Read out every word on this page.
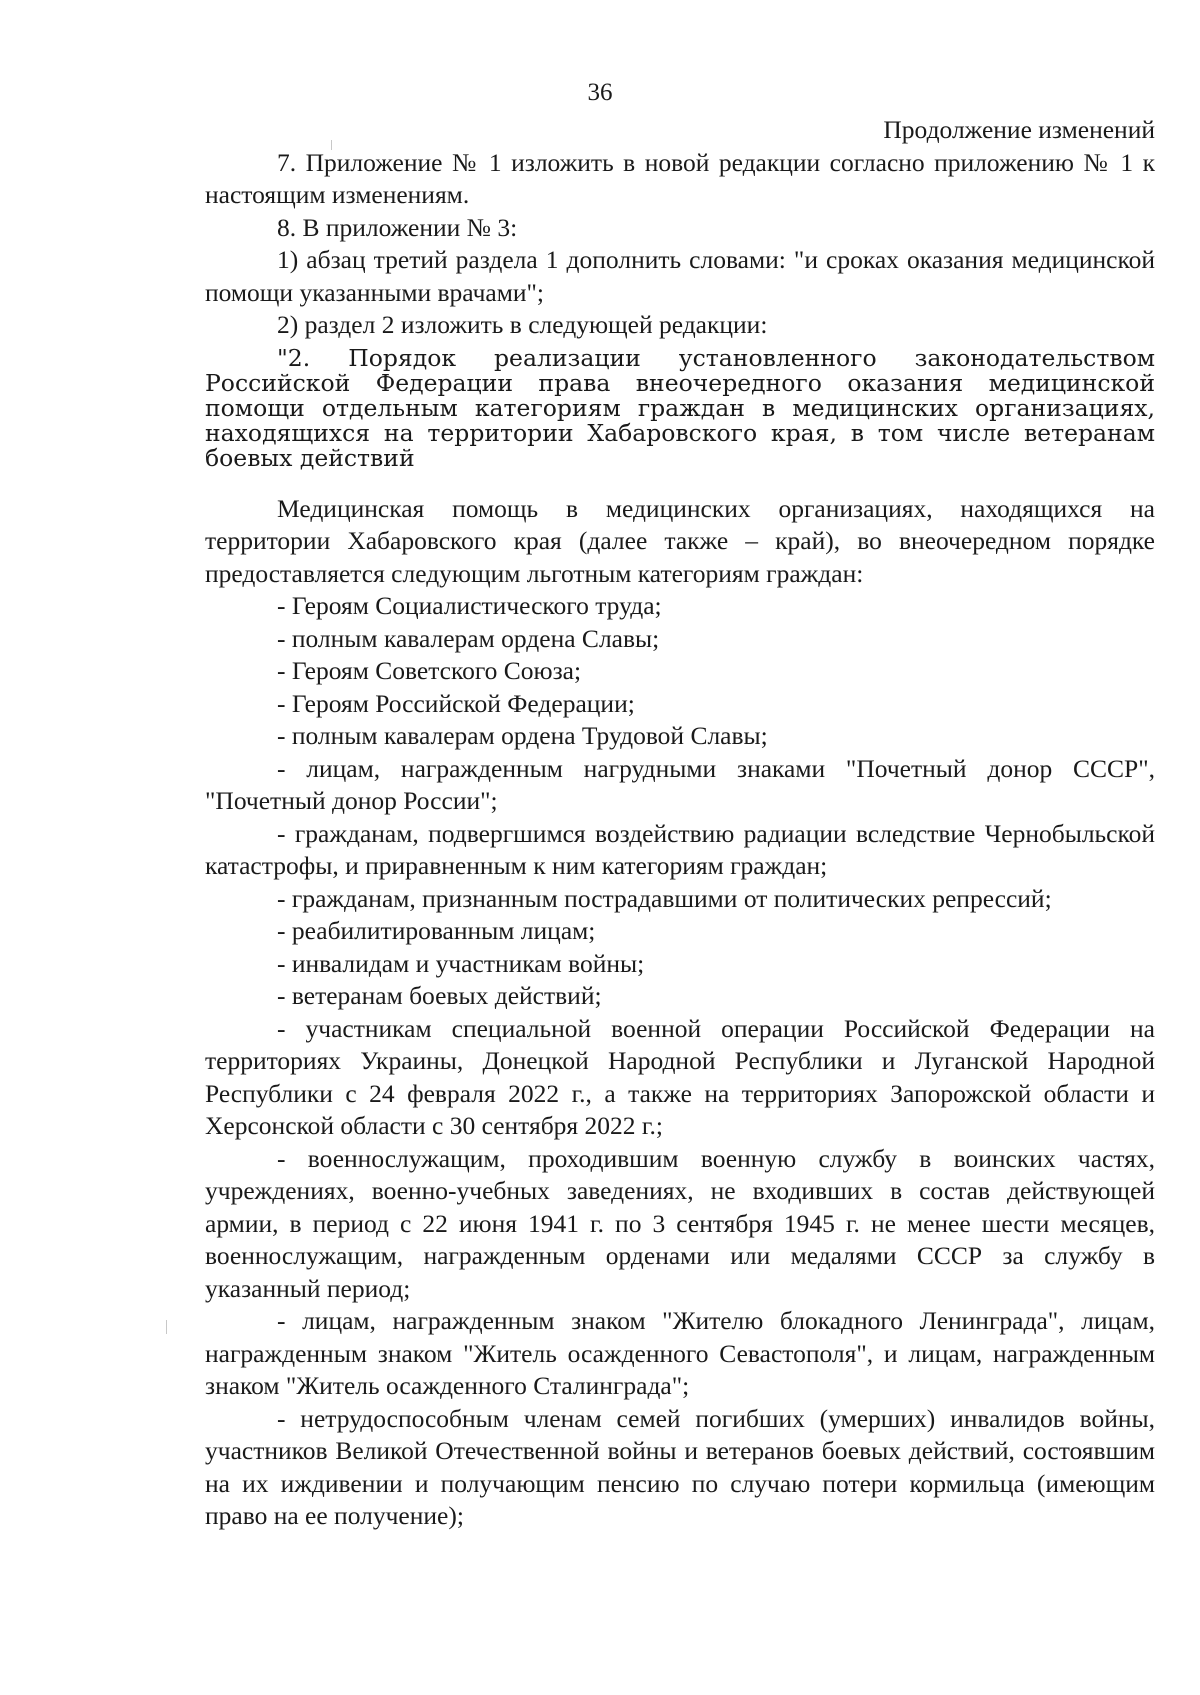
36

Продолжение изменений

7. Приложение № 1 изложить в новой редакции согласно приложению № 1 к настоящим изменениям.

8. В приложении № 3:

1) абзац третий раздела 1 дополнить словами: "и сроках оказания медицинской помощи указанными врачами";

2) раздел 2 изложить в следующей редакции:

"2. Порядок реализации установленного законодательством Российской Федерации права внеочередного оказания медицинской помощи отдельным категориям граждан в медицинских организациях, находящихся на территории Хабаровского края, в том числе ветеранам боевых действий

Медицинская помощь в медицинских организациях, находящихся на территории Хабаровского края (далее также – край), во внеочередном порядке предоставляется следующим льготным категориям граждан:

- Героям Социалистического труда;

- полным кавалерам ордена Славы;

- Героям Советского Союза;

- Героям Российской Федерации;

- полным кавалерам ордена Трудовой Славы;

- лицам, награжденным нагрудными знаками "Почетный донор СССР", "Почетный донор России";

- гражданам, подвергшимся воздействию радиации вследствие Чернобыльской катастрофы, и приравненным к ним категориям граждан;

- гражданам, признанным пострадавшими от политических репрессий;

- реабилитированным лицам;

- инвалидам и участникам войны;

- ветеранам боевых действий;

- участникам специальной военной операции Российской Федерации на территориях Украины, Донецкой Народной Республики и Луганской Народной Республики с 24 февраля 2022 г., а также на территориях Запорожской области и Херсонской области с 30 сентября 2022 г.;

- военнослужащим, проходившим военную службу в воинских частях, учреждениях, военно-учебных заведениях, не входивших в состав действующей армии, в период с 22 июня 1941 г. по 3 сентября 1945 г. не менее шести месяцев, военнослужащим, награжденным орденами или медалями СССР за службу в указанный период;

- лицам, награжденным знаком "Жителю блокадного Ленинграда", лицам, награжденным знаком "Житель осажденного Севастополя", и лицам, награжденным знаком "Житель осажденного Сталинграда";

- нетрудоспособным членам семей погибших (умерших) инвалидов войны, участников Великой Отечественной войны и ветеранов боевых действий, состоявшим на их иждивении и получающим пенсию по случаю потери кормильца (имеющим право на ее получение);
